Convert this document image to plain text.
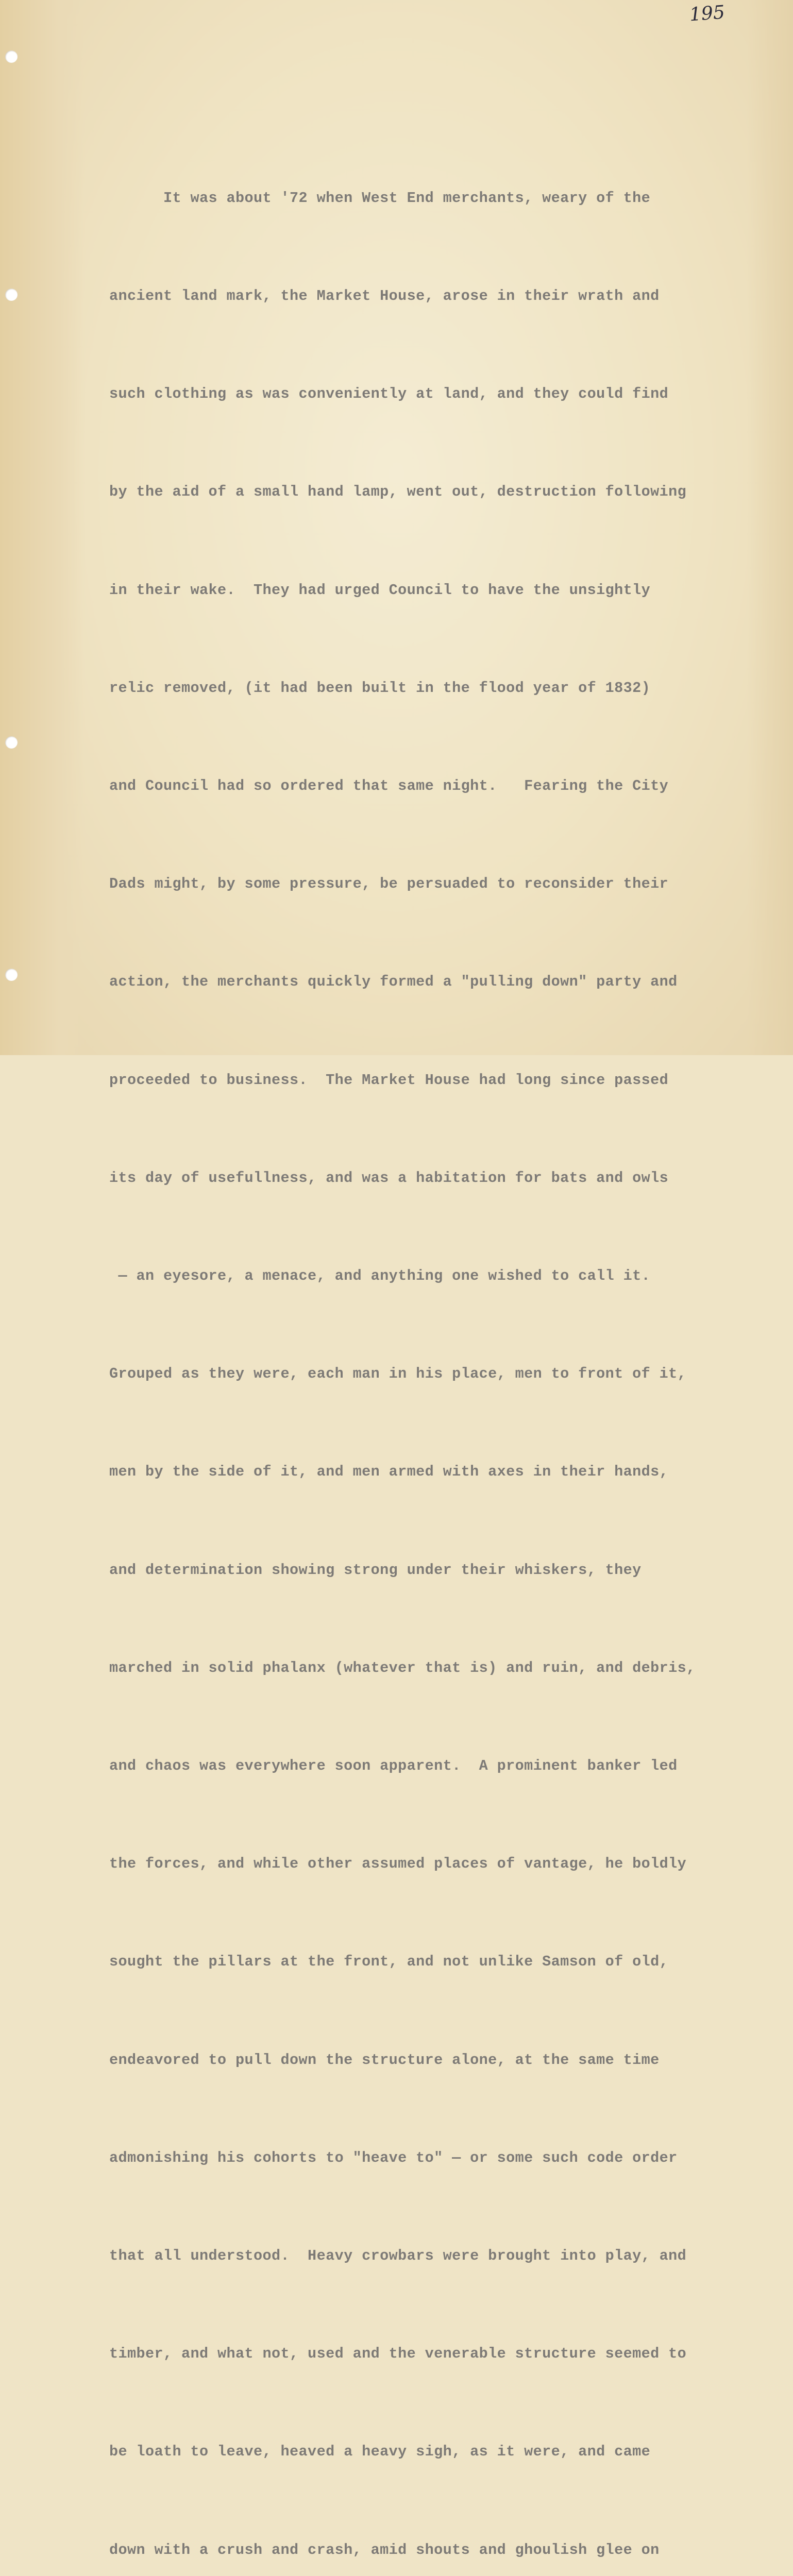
195

It was about '72 when West End merchants, weary of the

ancient land mark, the Market House, arose in their wrath and

such clothing as was conveniently at land, and they could find

by the aid of a small hand lamp, went out, destruction following

in their wake.  They had urged Council to have the unsightly

relic removed, (it had been built in the flood year of 1832)

and Council had so ordered that same night.   Fearing the City

Dads might, by some pressure, be persuaded to reconsider their

action, the merchants quickly formed a "pulling down" party and

proceeded to business.  The Market House had long since passed

its day of usefullness, and was a habitation for bats and owls

— an eyesore, a menace, and anything one wished to call it.

Grouped as they were, each man in his place, men to front of it,

men by the side of it, and men armed with axes in their hands,

and determination showing strong under their whiskers, they

marched in solid phalanx (whatever that is) and ruin, and debris,

and chaos was everywhere soon apparent.  A prominent banker led

the forces, and while other assumed places of vantage, he boldly

sought the pillars at the front, and not unlike Samson of old,

endeavored to pull down the structure alone, at the same time

admonishing his cohorts to "heave to" — or some such code order

that all understood.  Heavy crowbars were brought into play, and

timber, and what not, used and the venerable structure seemed to

be loath to leave, heaved a heavy sigh, as it were, and came

down with a crush and crash, amid shouts and ghoulish glee on
